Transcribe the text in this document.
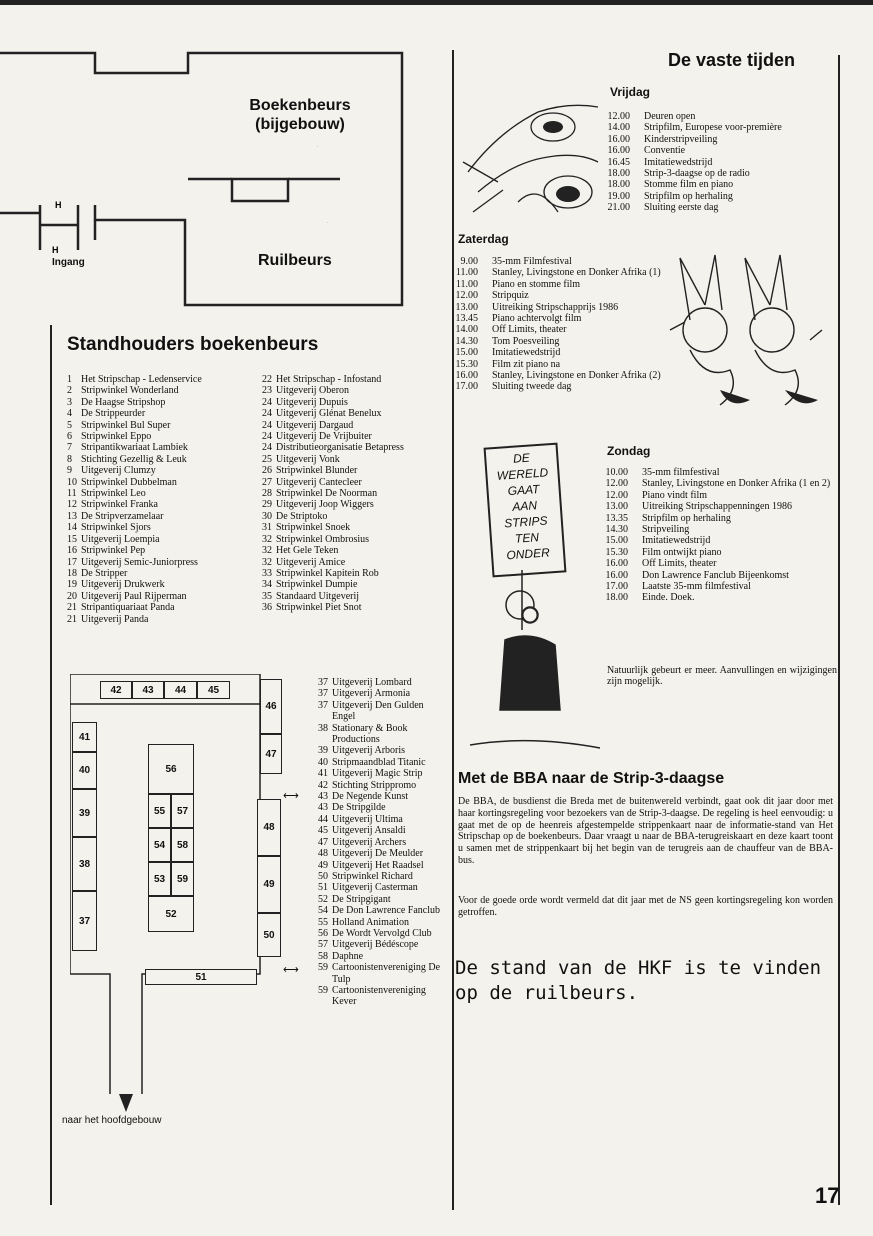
H
H
.
.
Boekenbeurs (bijgebouw)
Ruilbeurs
Ingang
Standhouders boekenbeurs
1 Het Stripschap - Ledenservice
2 Stripwinkel Wonderland
3 De Haagse Stripshop
4 De Strippeurder
5 Stripwinkel Bul Super
6 Stripwinkel Eppo
7 Stripantikwariaat Lambiek
8 Stichting Gezellig & Leuk
9 Uitgeverij Clumzy
10 Stripwinkel Dubbelman
11 Stripwinkel Leo
12 Stripwinkel Franka
13 De Stripverzamelaar
14 Stripwinkel Sjors
15 Uitgeverij Loempia
16 Stripwinkel Pep
17 Uitgeverij Semic-Juniorpress
18 De Stripper
19 Uitgeverij Drukwerk
20 Uitgeverij Paul Rijperman
21 Stripantiquariaat Panda
21 Uitgeverij Panda
22 Het Stripschap - Infostand
23 Uitgeverij Oberon
24 Uitgeverij Dupuis
24 Uitgeverij Glénat Benelux
24 Uitgeverij Dargaud
24 Uitgeverij De Vrijbuiter
24 Distributieorganisatie Betapress
25 Uitgeverij Vonk
26 Stripwinkel Blunder
27 Uitgeverij Cantecleer
28 Stripwinkel De Noorman
29 Uitgeverij Joop Wiggers
30 De Striptoko
31 Stripwinkel Snoek
32 Stripwinkel Ombrosius
32 Het Gele Teken
32 Uitgeverij Amice
33 Stripwinkel Kapitein Rob
34 Stripwinkel Dumpie
35 Standaard Uitgeverij
36 Stripwinkel Piet Snot
37 Uitgeverij Lombard
37 Uitgeverij Armonia
37 Uitgeverij Den Gulden Engel
38 Stationary & Book Productions
39 Uitgeverij Arboris
40 Stripmaandblad Titanic
41 Uitgeverij Magic Strip
42 Stichting Strippromo
43 De Negende Kunst
43 De Stripgilde
44 Uitgeverij Ultima
45 Uitgeverij Ansaldi
47 Uitgeverij Archers
48 Uitgeverij De Meulder
49 Uitgeverij Het Raadsel
50 Stripwinkel Richard
51 Uitgeverij Casterman
52 De Stripgigant
54 De Don Lawrence Fanclub
55 Holland Animation
56 De Wordt Vervolgd Club
57 Uitgeverij Bédéscope
58 Daphne
59 Cartoonistenvereniging De Tulp
59 Cartoonistenvereniging Kever
42	43	44	45
46
47
48
49
50
41
40
39
38
37
56
55	57
54	58
53	59
52
51
naar het hoofdgebouw
⟷
⟷
De vaste tijden
Vrijdag
12.00	Deuren open
14.00	Stripfilm, Europese voor-première
16.00	Kinderstripveiling
16.00	Conventie
16.45	Imitatiewedstrijd
18.00	Strip-3-daagse op de radio
18.00	Stomme film en piano
19.00	Stripfilm op herhaling
21.00	Sluiting eerste dag
Zaterdag
9.00	35-mm Filmfestival
11.00	Stanley, Livingstone en Donker Afrika (1)
11.00	Piano en stomme film
12.00	Stripquiz
13.00	Uitreiking Stripschapprijs 1986
13.45	Piano achtervolgt film
14.00	Off Limits, theater
14.30	Tom Poesveiling
15.00	Imitatiewedstrijd
15.30	Film zit piano na
16.00	Stanley, Livingstone en Donker Afrika (2)
17.00	Sluiting tweede dag
Zondag
10.00	35-mm filmfestival
12.00	Stanley, Livingstone en Donker Afrika (1 en 2)
12.00	Piano vindt film
13.00	Uitreiking Stripschappenningen 1986
13.35	Stripfilm op herhaling
14.30	Stripveiling
15.00	Imitatiewedstrijd
15.30	Film ontwijkt piano
16.00	Off Limits, theater
16.00	Don Lawrence Fanclub Bijeenkomst
17.00	Laatste 35-mm filmfestival
18.00	Einde. Doek.
Natuurlijk gebeurt er meer. Aanvullingen en wijzigingen zijn mogelijk.
DE
WERELD
GAAT
AAN
STRIPS
TEN
ONDER
Met de BBA naar de Strip-3-daagse
De BBA, de busdienst die Breda met de buitenwereld verbindt, gaat ook dit jaar door met haar kortingsregeling voor bezoekers van de Strip-3-daagse. De regeling is heel eenvoudig: u gaat met de op de heenreis afgestempelde strippenkaart naar de informatie-stand van Het Stripschap op de boekenbeurs. Daar vraagt u naar de BBA-terugreiskaart en deze kaart toont u samen met de strippenkaart bij het begin van de terugreis aan de chauffeur van de BBA-bus.
Voor de goede orde wordt vermeld dat dit jaar met de NS geen kortingsregeling kon worden getroffen.
De stand van de HKF is te vinden op de ruilbeurs.
17
